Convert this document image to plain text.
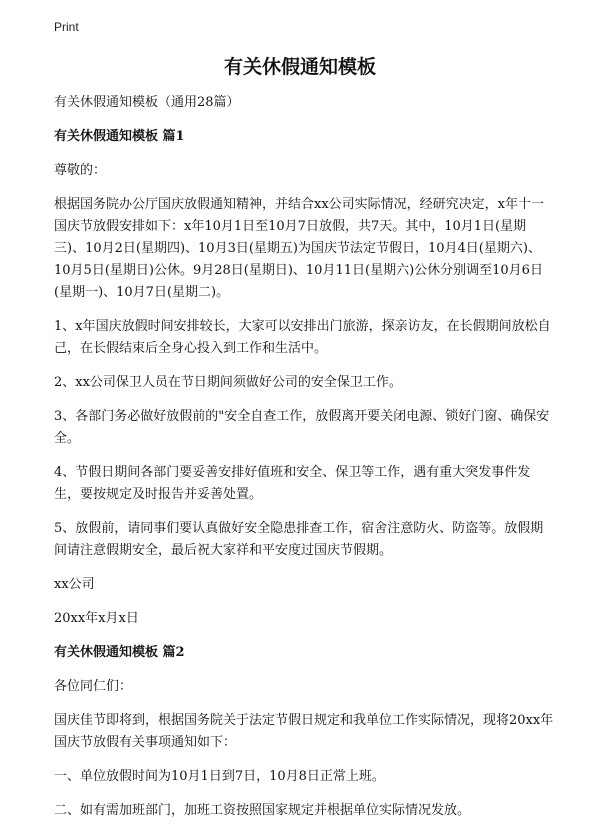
Print
有关休假通知模板

有关休假通知模板（通用28篇）

有关休假通知模板 篇1

尊敬的：

根据国务院办公厅国庆放假通知精神，并结合xx公司实际情况，经研究决定，x年十一国庆节放假安排如下：x年10月1日至10月7日放假，共7天。其中，10月1日(星期三)、10月2日(星期四)、10月3日(星期五)为国庆节法定节假日，10月4日(星期六)、10月5日(星期日)公休。9月28日(星期日)、10月11日(星期六)公休分别调至10月6日(星期一)、10月7日(星期二)。

1、x年国庆放假时间安排较长，大家可以安排出门旅游，探亲访友，在长假期间放松自己，在长假结束后全身心投入到工作和生活中。

2、xx公司保卫人员在节日期间须做好公司的安全保卫工作。

3、各部门务必做好放假前的"安全自查工作，放假离开要关闭电源、锁好门窗、确保安全。

4、节假日期间各部门要妥善安排好值班和安全、保卫等工作，遇有重大突发事件发生，要按规定及时报告并妥善处置。

5、放假前，请同事们要认真做好安全隐患排查工作，宿舍注意防火、防盗等。放假期间请注意假期安全，最后祝大家祥和平安度过国庆节假期。

xx公司

20xx年x月x日

有关休假通知模板 篇2

各位同仁们：

国庆佳节即将到，根据国务院关于法定节假日规定和我单位工作实际情况，现将20xx年国庆节放假有关事项通知如下：

一、单位放假时间为10月1日到7日，10月8日正常上班。

二、如有需加班部门，加班工资按照国家规定并根据单位实际情况发放。
